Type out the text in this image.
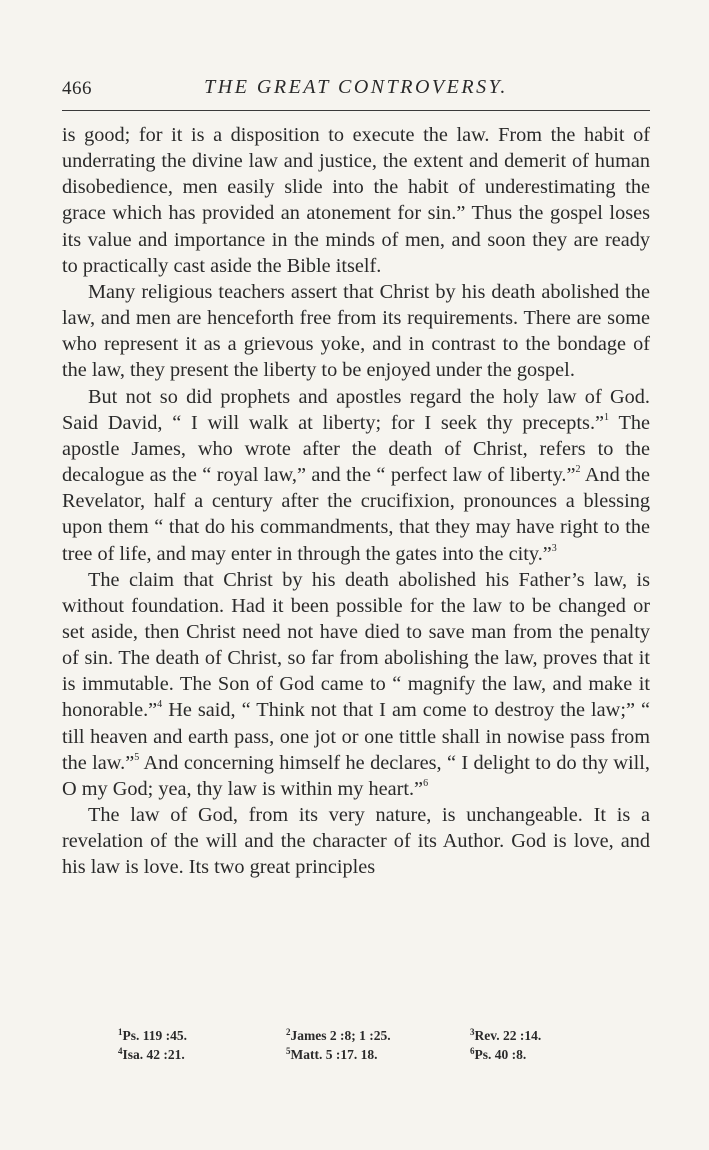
466	THE GREAT CONTROVERSY.

is good; for it is a disposition to execute the law. From the habit of underrating the divine law and justice, the extent and demerit of human disobedience, men easily slide into the habit of underestimating the grace which has provided an atonement for sin.” Thus the gospel loses its value and importance in the minds of men, and soon they are ready to practically cast aside the Bible itself.

Many religious teachers assert that Christ by his death abolished the law, and men are henceforth free from its requirements. There are some who represent it as a grievous yoke, and in contrast to the bondage of the law, they present the liberty to be enjoyed under the gospel.

But not so did prophets and apostles regard the holy law of God. Said David, “ I will walk at liberty; for I seek thy precepts.”$^1$ The apostle James, who wrote after the death of Christ, refers to the decalogue as the “ royal law,” and the “ perfect law of liberty.”$^2$ And the Revelator, half a century after the crucifixion, pronounces a blessing upon them “ that do his commandments, that they may have right to the tree of life, and may enter in through the gates into the city.”$^3$

The claim that Christ by his death abolished his Father’s law, is without foundation. Had it been possible for the law to be changed or set aside, then Christ need not have died to save man from the penalty of sin. The death of Christ, so far from abolishing the law, proves that it is immutable. The Son of God came to “ magnify the law, and make it honorable.”$^4$ He said, “ Think not that I am come to destroy the law;” “ till heaven and earth pass, one jot or one tittle shall in nowise pass from the law.”$^5$ And concerning himself he declares, “ I delight to do thy will, O my God; yea, thy law is within my heart.”$^6$

The law of God, from its very nature, is unchangeable. It is a revelation of the will and the character of its Author. God is love, and his law is love. Its two great principles

$^1$Ps. 119 :45.	$^2$James 2 :8; 1 :25.	$^3$Rev. 22 :14.
$^4$Isa. 42 :21.	$^5$Matt. 5 :17. 18.	$^6$Ps. 40 :8.
